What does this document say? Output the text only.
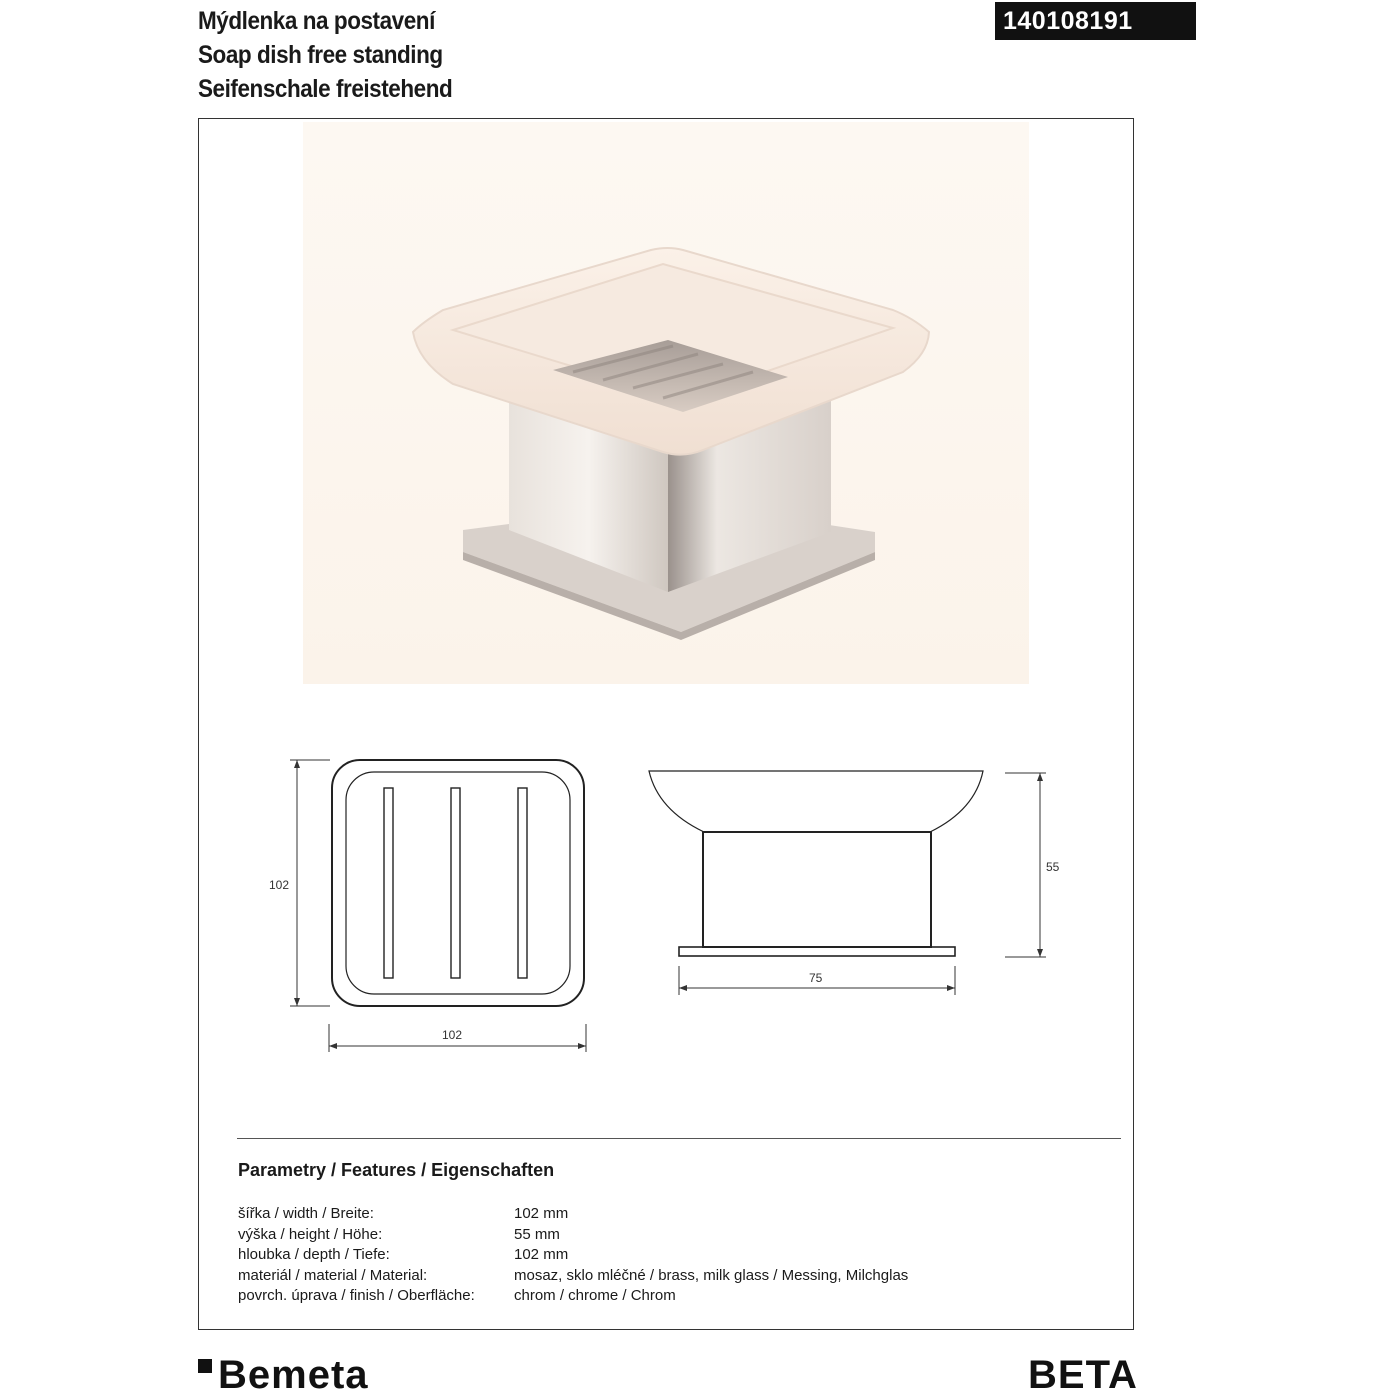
Mýdlenka na postavení
Soap dish free standing
Seifenschale freistehend
140108191
102
102
55
75
Parametry / Features / Eigenschaften
šířka / width / Breite:	102 mm
výška / height / Höhe:	55 mm
hloubka / depth / Tiefe:	102 mm
materiál / material / Material:	mosaz, sklo mléčné / brass, milk glass / Messing, Milchglas
povrch. úprava / finish / Oberfläche:	chrom / chrome / Chrom
Bemeta	BETA
